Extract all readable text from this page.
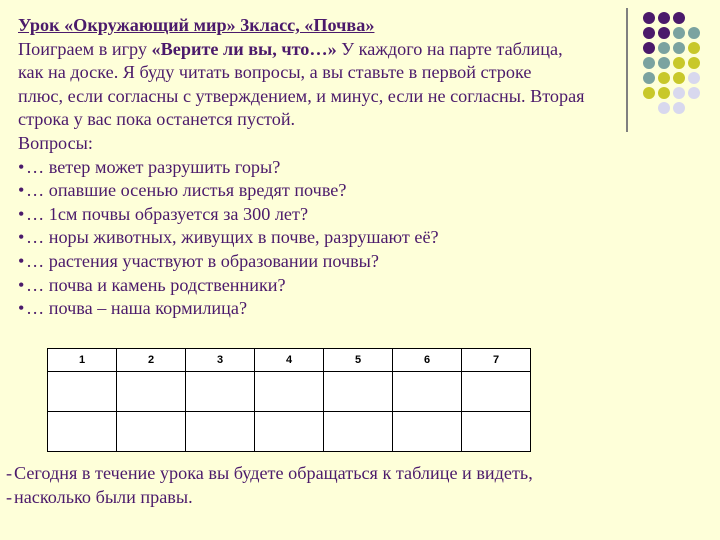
Урок «Окружающий мир» 3класс, «Почва»
Поиграем в игру «Верите ли вы, что…» У каждого на парте таблица,
как на доске. Я буду читать вопросы, а вы ставьте в первой строке
плюс, если согласны с утверждением, и минус, если не согласны. Вторая
строка у вас пока останется пустой.
Вопросы:
•… ветер может разрушить горы?
•… опавшие осенью листья вредят почве?
•… 1см почвы образуется за 300 лет?
•… норы животных, живущих в почве, разрушают её?
•… растения участвуют в образовании почвы?
•… почва и камень родственники?
•… почва – наша кормилица?
1	2	3	4	5	6	7

- Сегодня в течение урока вы будете обращаться к таблице и видеть,
- насколько были правы.
